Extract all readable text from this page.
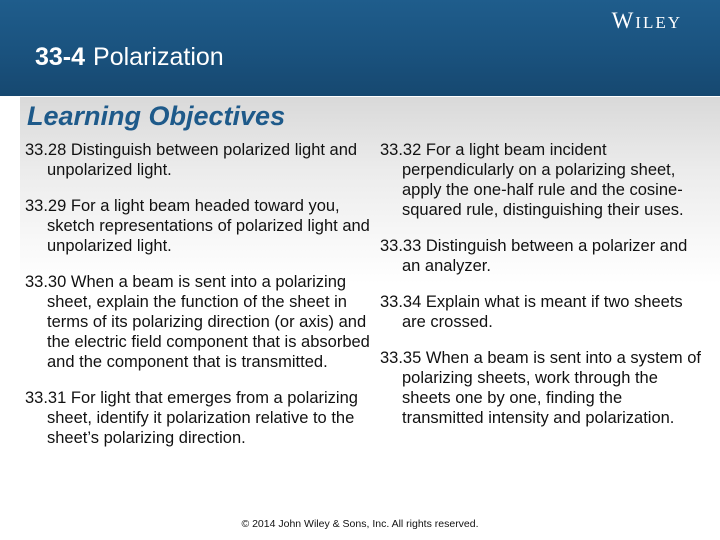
WILEY
33-4 Polarization
Learning Objectives
33.28 Distinguish between polarized light and unpolarized light.
33.29 For a light beam headed toward you, sketch representations of polarized light and unpolarized light.
33.30 When a beam is sent into a polarizing sheet, explain the function of the sheet in terms of its polarizing direction (or axis) and the electric field component that is absorbed and the component that is transmitted.
33.31 For light that emerges from a polarizing sheet, identify it polarization relative to the sheet’s polarizing direction.
33.32 For a light beam incident perpendicularly on a polarizing sheet, apply the one-half rule and the cosine-squared rule, distinguishing their uses.
33.33 Distinguish between a polarizer and an analyzer.
33.34 Explain what is meant if two sheets are crossed.
33.35 When a beam is sent into a system of polarizing sheets, work through the sheets one by one, finding the transmitted intensity and polarization.
© 2014 John Wiley & Sons, Inc. All rights reserved.
